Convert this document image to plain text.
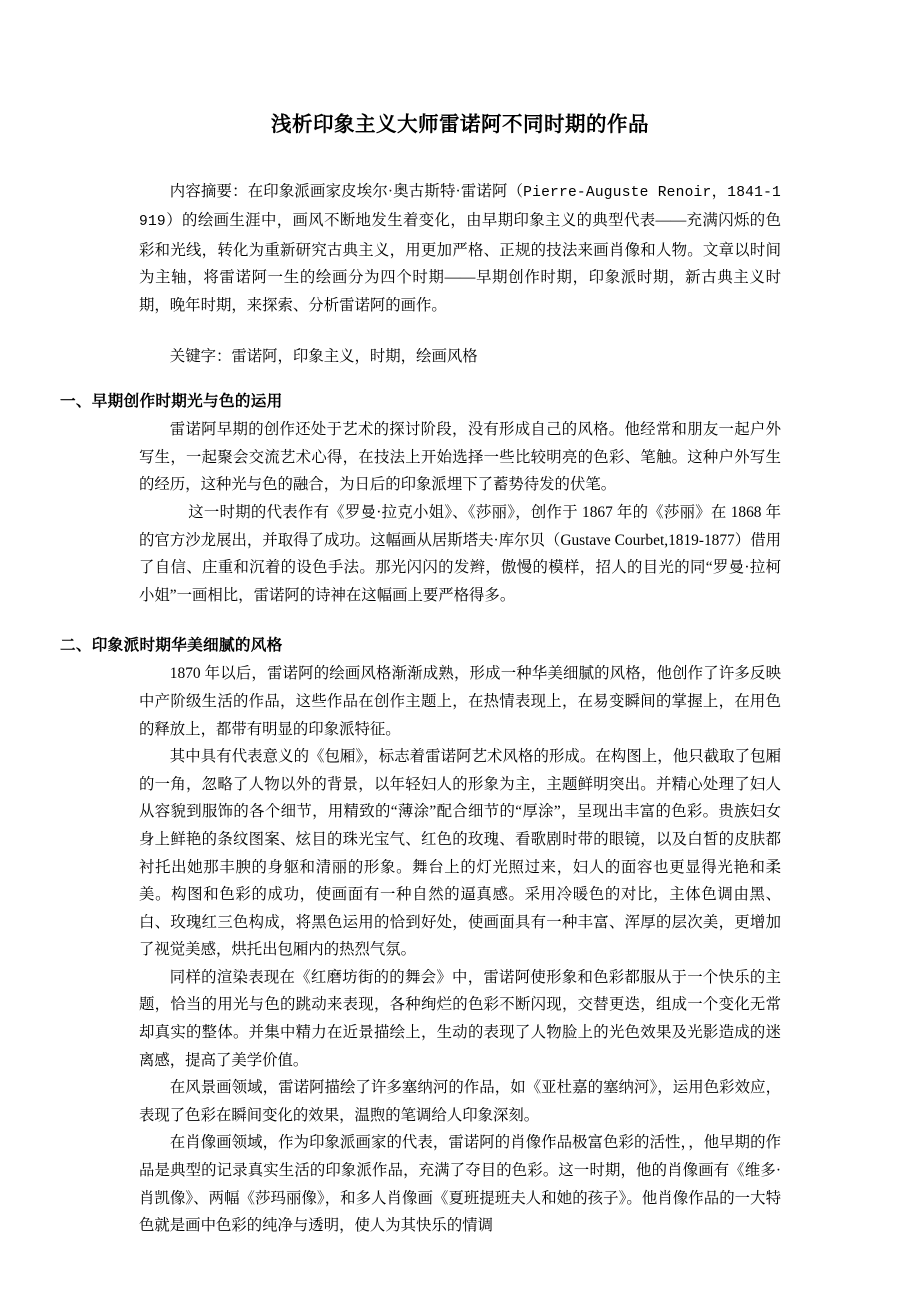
浅析印象主义大师雷诺阿不同时期的作品

内容摘要：在印象派画家皮埃尔·奥古斯特·雷诺阿（Pierre-Auguste Renoir，1841-1919）的绘画生涯中，画风不断地发生着变化，由早期印象主义的典型代表——充满闪烁的色彩和光线，转化为重新研究古典主义，用更加严格、正规的技法来画肖像和人物。文章以时间为主轴，将雷诺阿一生的绘画分为四个时期——早期创作时期，印象派时期，新古典主义时期，晚年时期，来探索、分析雷诺阿的画作。

关键字：雷诺阿，印象主义，时期，绘画风格

一、早期创作时期光与色的运用

雷诺阿早期的创作还处于艺术的探讨阶段，没有形成自己的风格。他经常和朋友一起户外写生，一起聚会交流艺术心得，在技法上开始选择一些比较明亮的色彩、笔触。这种户外写生的经历，这种光与色的融合，为日后的印象派埋下了蓄势待发的伏笔。

这一时期的代表作有《罗曼·拉克小姐》、《莎丽》，创作于 1867 年的《莎丽》在 1868 年的官方沙龙展出，并取得了成功。这幅画从居斯塔夫·库尔贝（Gustave Courbet,1819-1877）借用了自信、庄重和沉着的设色手法。那光闪闪的发辫，傲慢的模样，招人的目光的同“罗曼·拉柯小姐”一画相比，雷诺阿的诗神在这幅画上要严格得多。

二、印象派时期华美细腻的风格

1870 年以后，雷诺阿的绘画风格渐渐成熟，形成一种华美细腻的风格，他创作了许多反映中产阶级生活的作品，这些作品在创作主题上，在热情表现上，在易变瞬间的掌握上，在用色的释放上，都带有明显的印象派特征。

其中具有代表意义的《包厢》，标志着雷诺阿艺术风格的形成。在构图上，他只截取了包厢的一角，忽略了人物以外的背景，以年轻妇人的形象为主，主题鲜明突出。并精心处理了妇人从容貌到服饰的各个细节，用精致的“薄涂”配合细节的“厚涂”，呈现出丰富的色彩。贵族妇女身上鲜艳的条纹图案、炫目的珠光宝气、红色的玫瑰、看歌剧时带的眼镜，以及白皙的皮肤都衬托出她那丰腴的身躯和清丽的形象。舞台上的灯光照过来，妇人的面容也更显得光艳和柔美。构图和色彩的成功，使画面有一种自然的逼真感。采用冷暖色的对比，主体色调由黑、白、玫瑰红三色构成，将黑色运用的恰到好处，使画面具有一种丰富、浑厚的层次美，更增加了视觉美感，烘托出包厢内的热烈气氛。

同样的渲染表现在《红磨坊街的的舞会》中，雷诺阿使形象和色彩都服从于一个快乐的主题，恰当的用光与色的跳动来表现，各种绚烂的色彩不断闪现，交替更迭，组成一个变化无常却真实的整体。并集中精力在近景描绘上，生动的表现了人物脸上的光色效果及光影造成的迷离感，提高了美学价值。

在风景画领域，雷诺阿描绘了许多塞纳河的作品，如《亚杜嘉的塞纳河》，运用色彩效应，表现了色彩在瞬间变化的效果，温煦的笔调给人印象深刻。

在肖像画领域，作为印象派画家的代表，雷诺阿的肖像作品极富色彩的活性，，他早期的作品是典型的记录真实生活的印象派作品，充满了夺目的色彩。这一时期，他的肖像画有《维多·肖凯像》、两幅《莎玛丽像》，和多人肖像画《夏班提班夫人和她的孩子》。他肖像作品的一大特色就是画中色彩的纯净与透明，使人为其快乐的情调
